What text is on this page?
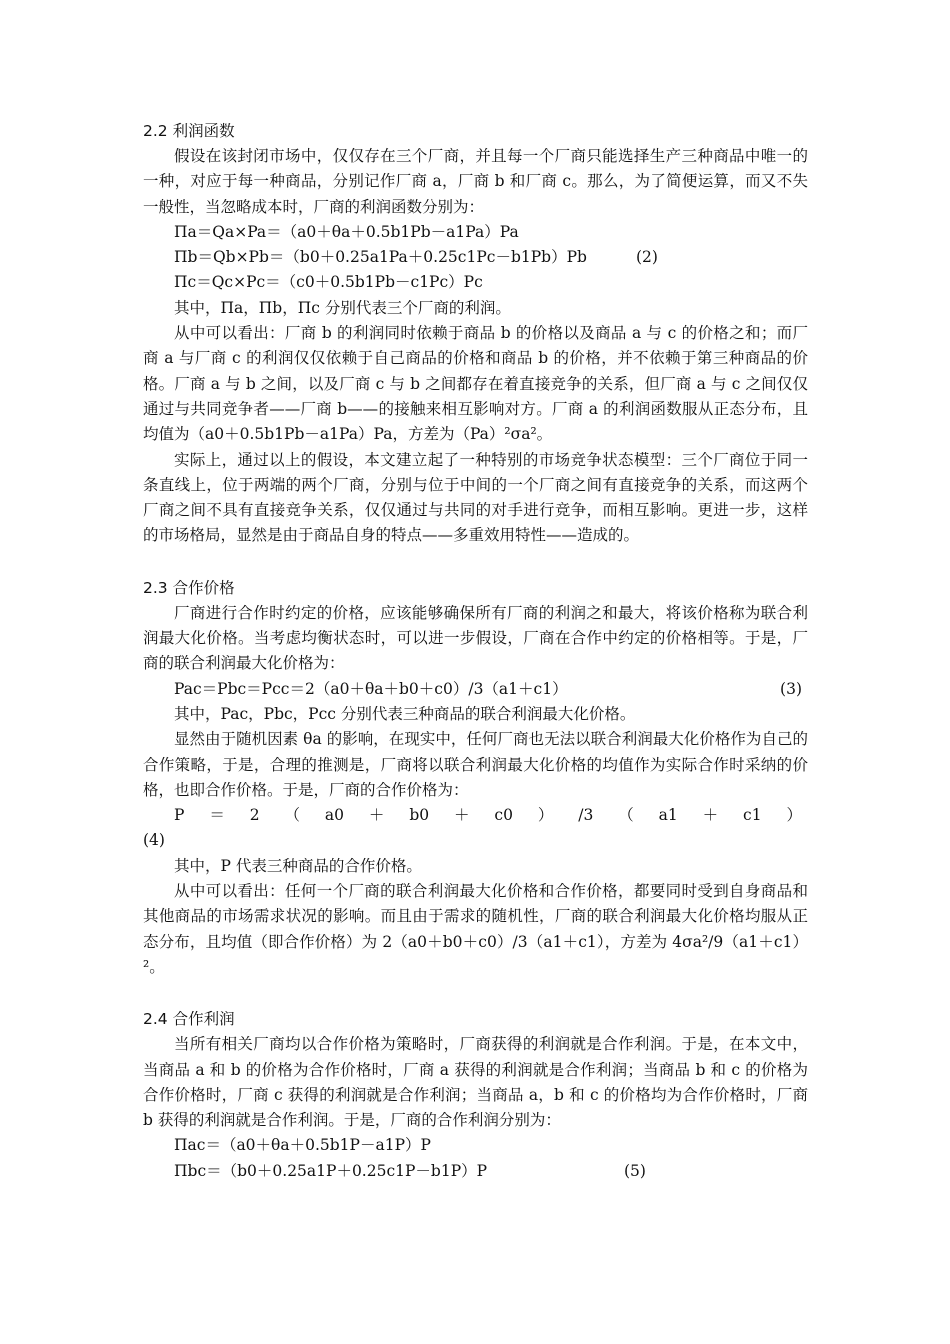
2.2 利润函数

假设在该封闭市场中，仅仅存在三个厂商，并且每一个厂商只能选择生产三种商品中唯一的一种，对应于每一种商品，分别记作厂商 a，厂商 b 和厂商 c。那么，为了简便运算，而又不失一般性，当忽略成本时，厂商的利润函数分别为：

Πa＝Qa×Pa＝（a0＋θa＋0.5b1Pb－a1Pa）Pa
Πb＝Qb×Pb＝（b0＋0.25a1Pa＋0.25c1Pc－b1Pb）Pb	(2)
Πc＝Qc×Pc＝（c0＋0.5b1Pb－c1Pc）Pc

其中，Πa，Πb，Πc 分别代表三个厂商的利润。

从中可以看出：厂商 b 的利润同时依赖于商品 b 的价格以及商品 a 与 c 的价格之和；而厂商 a 与厂商 c 的利润仅仅依赖于自己商品的价格和商品 b 的价格，并不依赖于第三种商品的价格。厂商 a 与 b 之间，以及厂商 c 与 b 之间都存在着直接竞争的关系，但厂商 a 与 c 之间仅仅通过与共同竞争者——厂商 b——的接触来相互影响对方。厂商 a 的利润函数服从正态分布，且均值为（a0＋0.5b1Pb－a1Pa）Pa，方差为（Pa）²σa²。

实际上，通过以上的假设，本文建立起了一种特别的市场竞争状态模型：三个厂商位于同一条直线上，位于两端的两个厂商，分别与位于中间的一个厂商之间有直接竞争的关系，而这两个厂商之间不具有直接竞争关系，仅仅通过与共同的对手进行竞争，而相互影响。更进一步，这样的市场格局，显然是由于商品自身的特点——多重效用特性——造成的。

2.3 合作价格

厂商进行合作时约定的价格，应该能够确保所有厂商的利润之和最大，将该价格称为联合利润最大化价格。当考虑均衡状态时，可以进一步假设，厂商在合作中约定的价格相等。于是，厂商的联合利润最大化价格为：

Pac＝Pbc＝Pcc＝2（a0＋θa＋b0＋c0）/3（a1＋c1）	(3)

其中，Pac，Pbc，Pcc 分别代表三种商品的联合利润最大化价格。

显然由于随机因素 θa 的影响，在现实中，任何厂商也无法以联合利润最大化价格作为自己的合作策略，于是，合理的推测是，厂商将以联合利润最大化价格的均值作为实际合作时采纳的价格，也即合作价格。于是，厂商的合作价格为：

P ＝ 2 （ a0 ＋ b0 ＋ c0 ） /3 （ a1 ＋ c1 ）
(4)

其中，P 代表三种商品的合作价格。

从中可以看出：任何一个厂商的联合利润最大化价格和合作价格，都要同时受到自身商品和其他商品的市场需求状况的影响。而且由于需求的随机性，厂商的联合利润最大化价格均服从正态分布，且均值（即合作价格）为 2（a0＋b0＋c0）/3（a1＋c1），方差为 4σa²/9（a1＋c1）²。

2.4 合作利润

当所有相关厂商均以合作价格为策略时，厂商获得的利润就是合作利润。于是，在本文中，当商品 a 和 b 的价格为合作价格时，厂商 a 获得的利润就是合作利润；当商品 b 和 c 的价格为合作价格时，厂商 c 获得的利润就是合作利润；当商品 a，b 和 c 的价格均为合作价格时，厂商 b 获得的利润就是合作利润。于是，厂商的合作利润分别为：

Πac＝（a0＋θa＋0.5b1P－a1P）P
Πbc＝（b0＋0.25a1P＋0.25c1P－b1P）P	(5)
